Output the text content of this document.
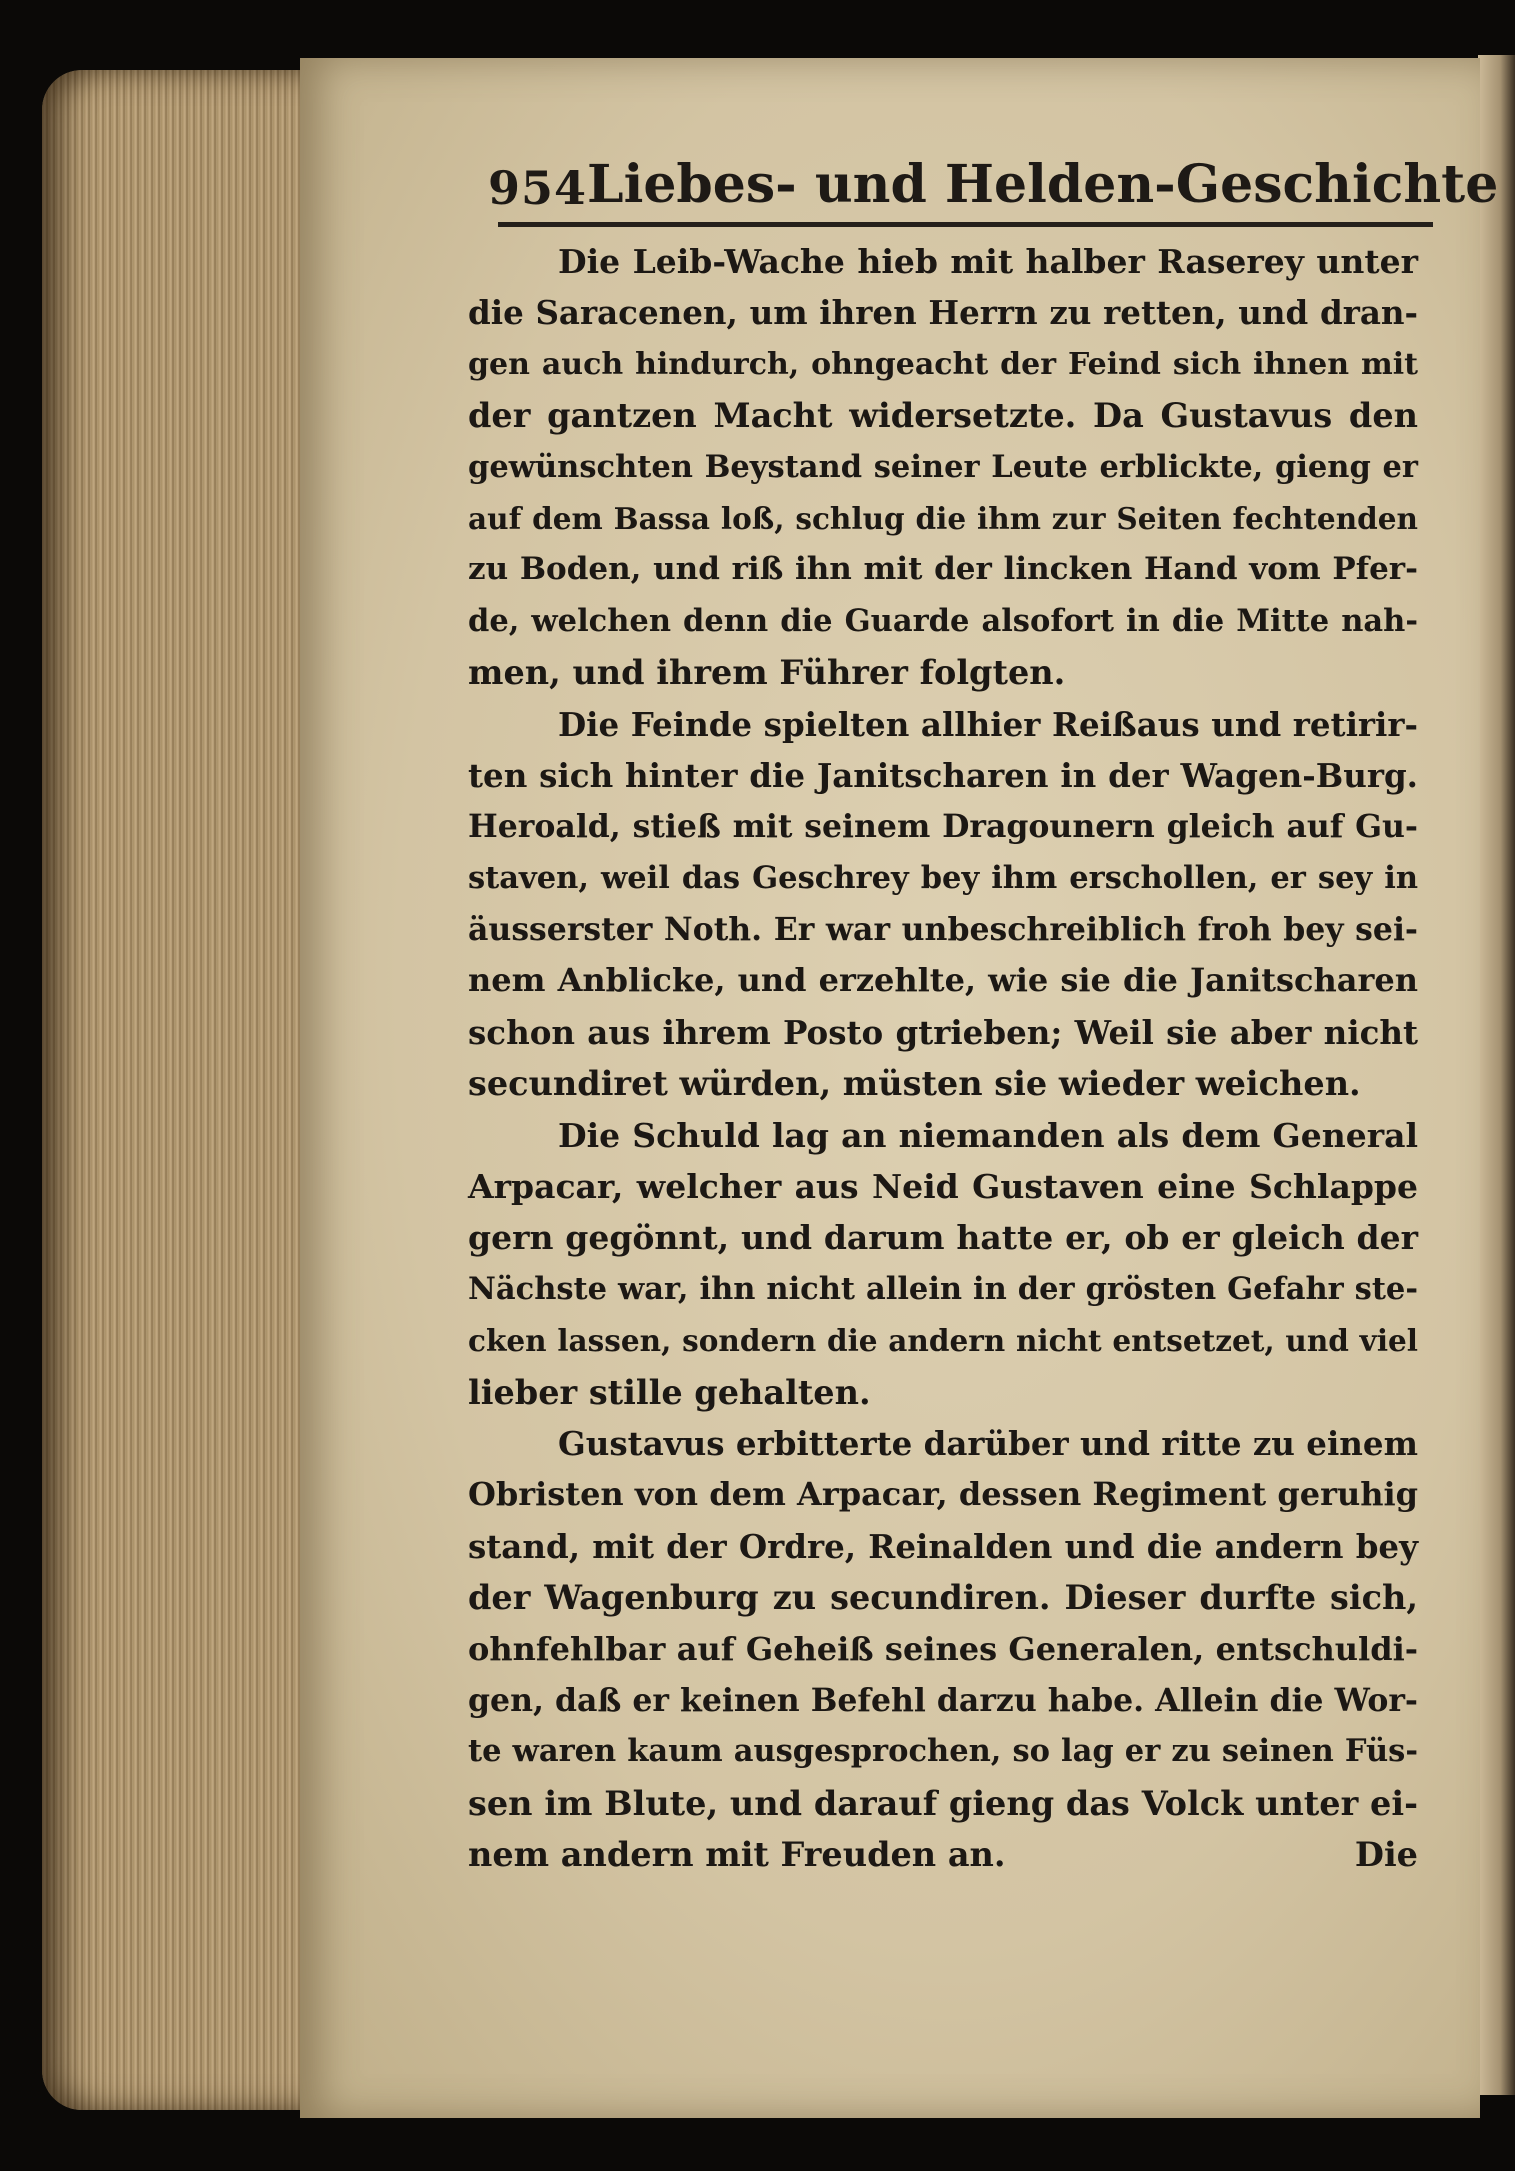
954 Liebes- und Helden-Geschichte
Die Leib-Wache hieb mit halber Raserey unter
die Saracenen, um ihren Herrn zu retten, und dran-
gen auch hindurch, ohngeacht der Feind sich ihnen mit
der gantzen Macht widersetzte. Da Gustavus den
gewünschten Beystand seiner Leute erblickte, gieng er
auf dem Bassa loß, schlug die ihm zur Seiten fechtenden
zu Boden, und riß ihn mit der lincken Hand vom Pfer-
de, welchen denn die Guarde alsofort in die Mitte nah-
men, und ihrem Führer folgten.
Die Feinde spielten allhier Reißaus und retirir-
ten sich hinter die Janitscharen in der Wagen-Burg.
Heroald, stieß mit seinem Dragounern gleich auf Gu-
staven, weil das Geschrey bey ihm erschollen, er sey in
äusserster Noth. Er war unbeschreiblich froh bey sei-
nem Anblicke, und erzehlte, wie sie die Janitscharen
schon aus ihrem Posto gtrieben; Weil sie aber nicht
secundiret würden, müsten sie wieder weichen.
Die Schuld lag an niemanden als dem General
Arpacar, welcher aus Neid Gustaven eine Schlappe
gern gegönnt, und darum hatte er, ob er gleich der
Nächste war, ihn nicht allein in der grösten Gefahr ste-
cken lassen, sondern die andern nicht entsetzet, und viel
lieber stille gehalten.
Gustavus erbitterte darüber und ritte zu einem
Obristen von dem Arpacar, dessen Regiment geruhig
stand, mit der Ordre, Reinalden und die andern bey
der Wagenburg zu secundiren. Dieser durfte sich,
ohnfehlbar auf Geheiß seines Generalen, entschuldi-
gen, daß er keinen Befehl darzu habe. Allein die Wor-
te waren kaum ausgesprochen, so lag er zu seinen Füs-
sen im Blute, und darauf gieng das Volck unter ei-
nem andern mit Freuden an.	Die
